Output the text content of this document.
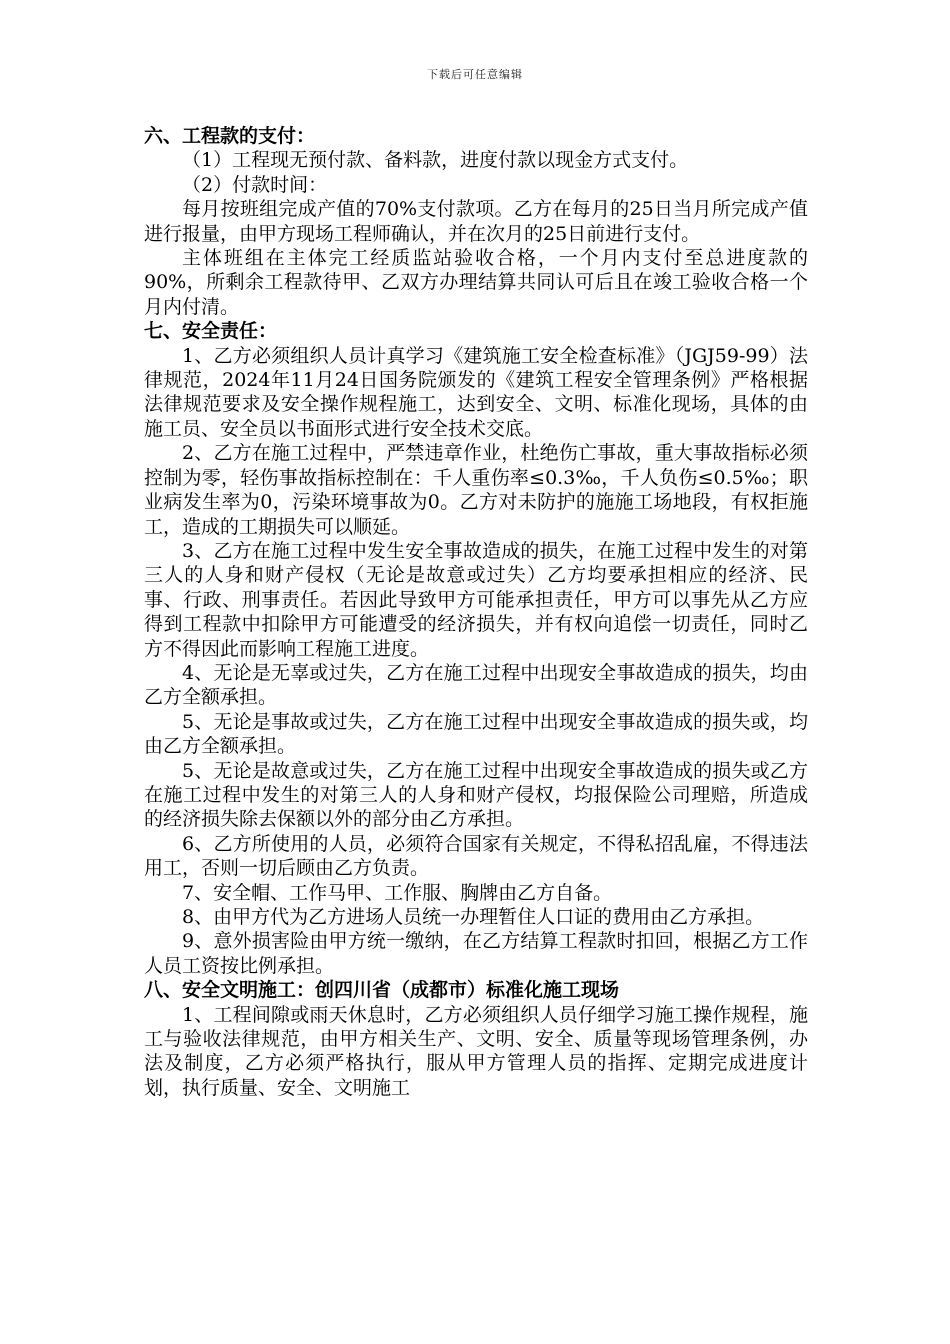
下载后可任意编辑
六、工程款的支付：

（1）工程现无预付款、备料款，进度付款以现金方式支付。

（2）付款时间：

每月按班组完成产值的70%支付款项。乙方在每月的25日当月所完成产值进行报量，由甲方现场工程师确认，并在次月的25日前进行支付。

主体班组在主体完工经质监站验收合格，一个月内支付至总进度款的90%，所剩余工程款待甲、乙双方办理结算共同认可后且在竣工验收合格一个月内付清。

七、安全责任：

1、乙方必须组织人员计真学习《建筑施工安全检查标准》（JGJ59-99）法律规范，2024年11月24日国务院颁发的《建筑工程安全管理条例》严格根据法律规范要求及安全操作规程施工，达到安全、文明、标准化现场，具体的由施工员、安全员以书面形式进行安全技术交底。

2、乙方在施工过程中，严禁违章作业，杜绝伤亡事故，重大事故指标必须控制为零，轻伤事故指标控制在：千人重伤率≤0.3‰，千人负伤≤0.5‰；职业病发生率为0，污染环境事故为0。乙方对未防护的施施工场地段，有权拒施工，造成的工期损失可以顺延。

3、乙方在施工过程中发生安全事故造成的损失，在施工过程中发生的对第三人的人身和财产侵权（无论是故意或过失）乙方均要承担相应的经济、民事、行政、刑事责任。若因此导致甲方可能承担责任，甲方可以事先从乙方应得到工程款中扣除甲方可能遭受的经济损失，并有权向追偿一切责任，同时乙方不得因此而影响工程施工进度。

4、无论是无辜或过失，乙方在施工过程中出现安全事故造成的损失，均由乙方全额承担。

5、无论是事故或过失，乙方在施工过程中出现安全事故造成的损失或，均由乙方全额承担。

5、无论是故意或过失，乙方在施工过程中出现安全事故造成的损失或乙方在施工过程中发生的对第三人的人身和财产侵权，均报保险公司理赔，所造成的经济损失除去保额以外的部分由乙方承担。

6、乙方所使用的人员，必须符合国家有关规定，不得私招乱雇，不得违法用工，否则一切后顾由乙方负责。

7、安全帽、工作马甲、工作服、胸牌由乙方自备。

8、由甲方代为乙方进场人员统一办理暂住人口证的费用由乙方承担。

9、意外损害险由甲方统一缴纳，在乙方结算工程款时扣回，根据乙方工作人员工资按比例承担。

八、安全文明施工：创四川省（成都市）标准化施工现场

1、工程间隙或雨天休息时，乙方必须组织人员仔细学习施工操作规程，施工与验收法律规范，由甲方相关生产、文明、安全、质量等现场管理条例，办法及制度，乙方必须严格执行，服从甲方管理人员的指挥、定期完成进度计划，执行质量、安全、文明施工
